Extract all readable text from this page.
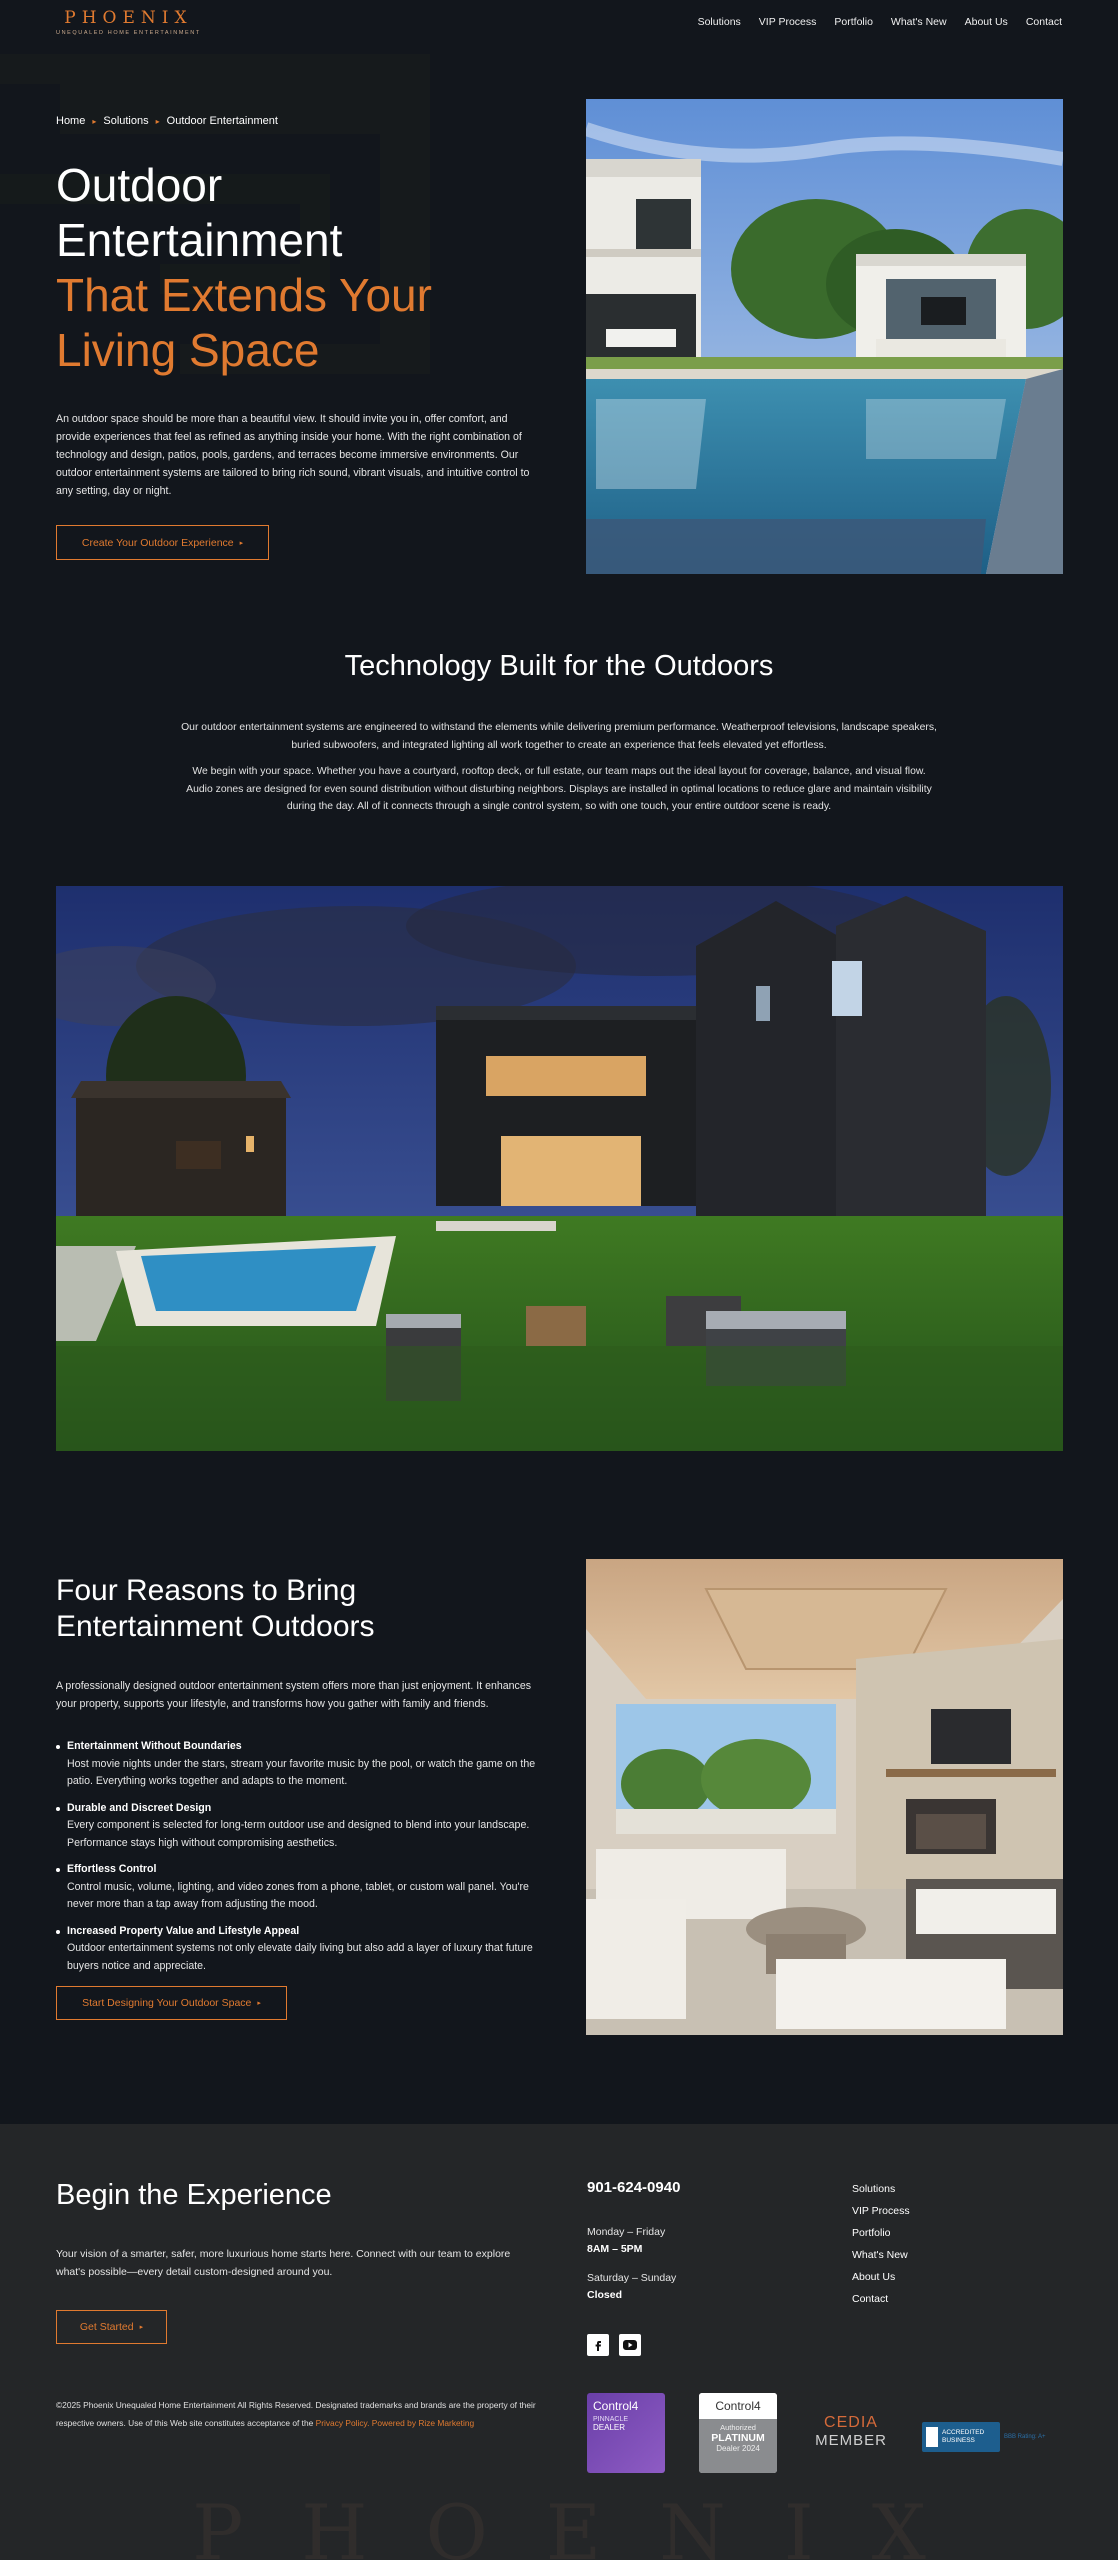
PHOENIX
UNEQUALED HOME ENTERTAINMENT
Solutions VIP Process Portfolio What's New About Us Contact
Home ▸ Solutions ▸ Outdoor Entertainment
Outdoor
Entertainment
That Extends Your
Living Space

An outdoor space should be more than a beautiful view. It should invite you in, offer comfort, and provide experiences that feel as refined as anything inside your home. With the right combination of technology and design, patios, pools, gardens, and terraces become immersive environments. Our outdoor entertainment systems are tailored to bring rich sound, vibrant visuals, and intuitive control to any setting, day or night.

Create Your Outdoor Experience ▸
Technology Built for the Outdoors

Our outdoor entertainment systems are engineered to withstand the elements while delivering premium performance. Weatherproof televisions, landscape speakers, buried subwoofers, and integrated lighting all work together to create an experience that feels elevated yet effortless.

We begin with your space. Whether you have a courtyard, rooftop deck, or full estate, our team maps out the ideal layout for coverage, balance, and visual flow. Audio zones are designed for even sound distribution without disturbing neighbors. Displays are installed in optimal locations to reduce glare and maintain visibility during the day. All of it connects through a single control system, so with one touch, your entire outdoor scene is ready.

Four Reasons to Bring Entertainment Outdoors

A professionally designed outdoor entertainment system offers more than just enjoyment. It enhances your property, supports your lifestyle, and transforms how you gather with family and friends.

Entertainment Without Boundaries
Host movie nights under the stars, stream your favorite music by the pool, or watch the game on the patio. Everything works together and adapts to the moment.
Durable and Discreet Design
Every component is selected for long-term outdoor use and designed to blend into your landscape. Performance stays high without compromising aesthetics.
Effortless Control
Control music, volume, lighting, and video zones from a phone, tablet, or custom wall panel. You're never more than a tap away from adjusting the mood.
Increased Property Value and Lifestyle Appeal
Outdoor entertainment systems not only elevate daily living but also add a layer of luxury that future buyers notice and appreciate.
Start Designing Your Outdoor Space ▸
Begin the Experience

Your vision of a smarter, safer, more luxurious home starts here. Connect with our team to explore what's possible—every detail custom-designed around you.

Get Started ▸
901-624-0940
Monday – Friday
8AM – 5PM
Saturday – Sunday
Closed
Solutions
VIP Process
Portfolio
What's New
About Us
Contact

©2025 Phoenix Unequaled Home Entertainment All Rights Reserved. Designated trademarks and brands are the property of their respective owners. Use of this Web site constitutes acceptance of the Privacy Policy. Powered by Rize Marketing

Control4
PINNACLE
DEALER
Control4
Authorized
PLATINUM
Dealer 2024
CEDIA
MEMBER	ACCREDITED
BUSINESS	BBB Rating: A+
PHOENIX
